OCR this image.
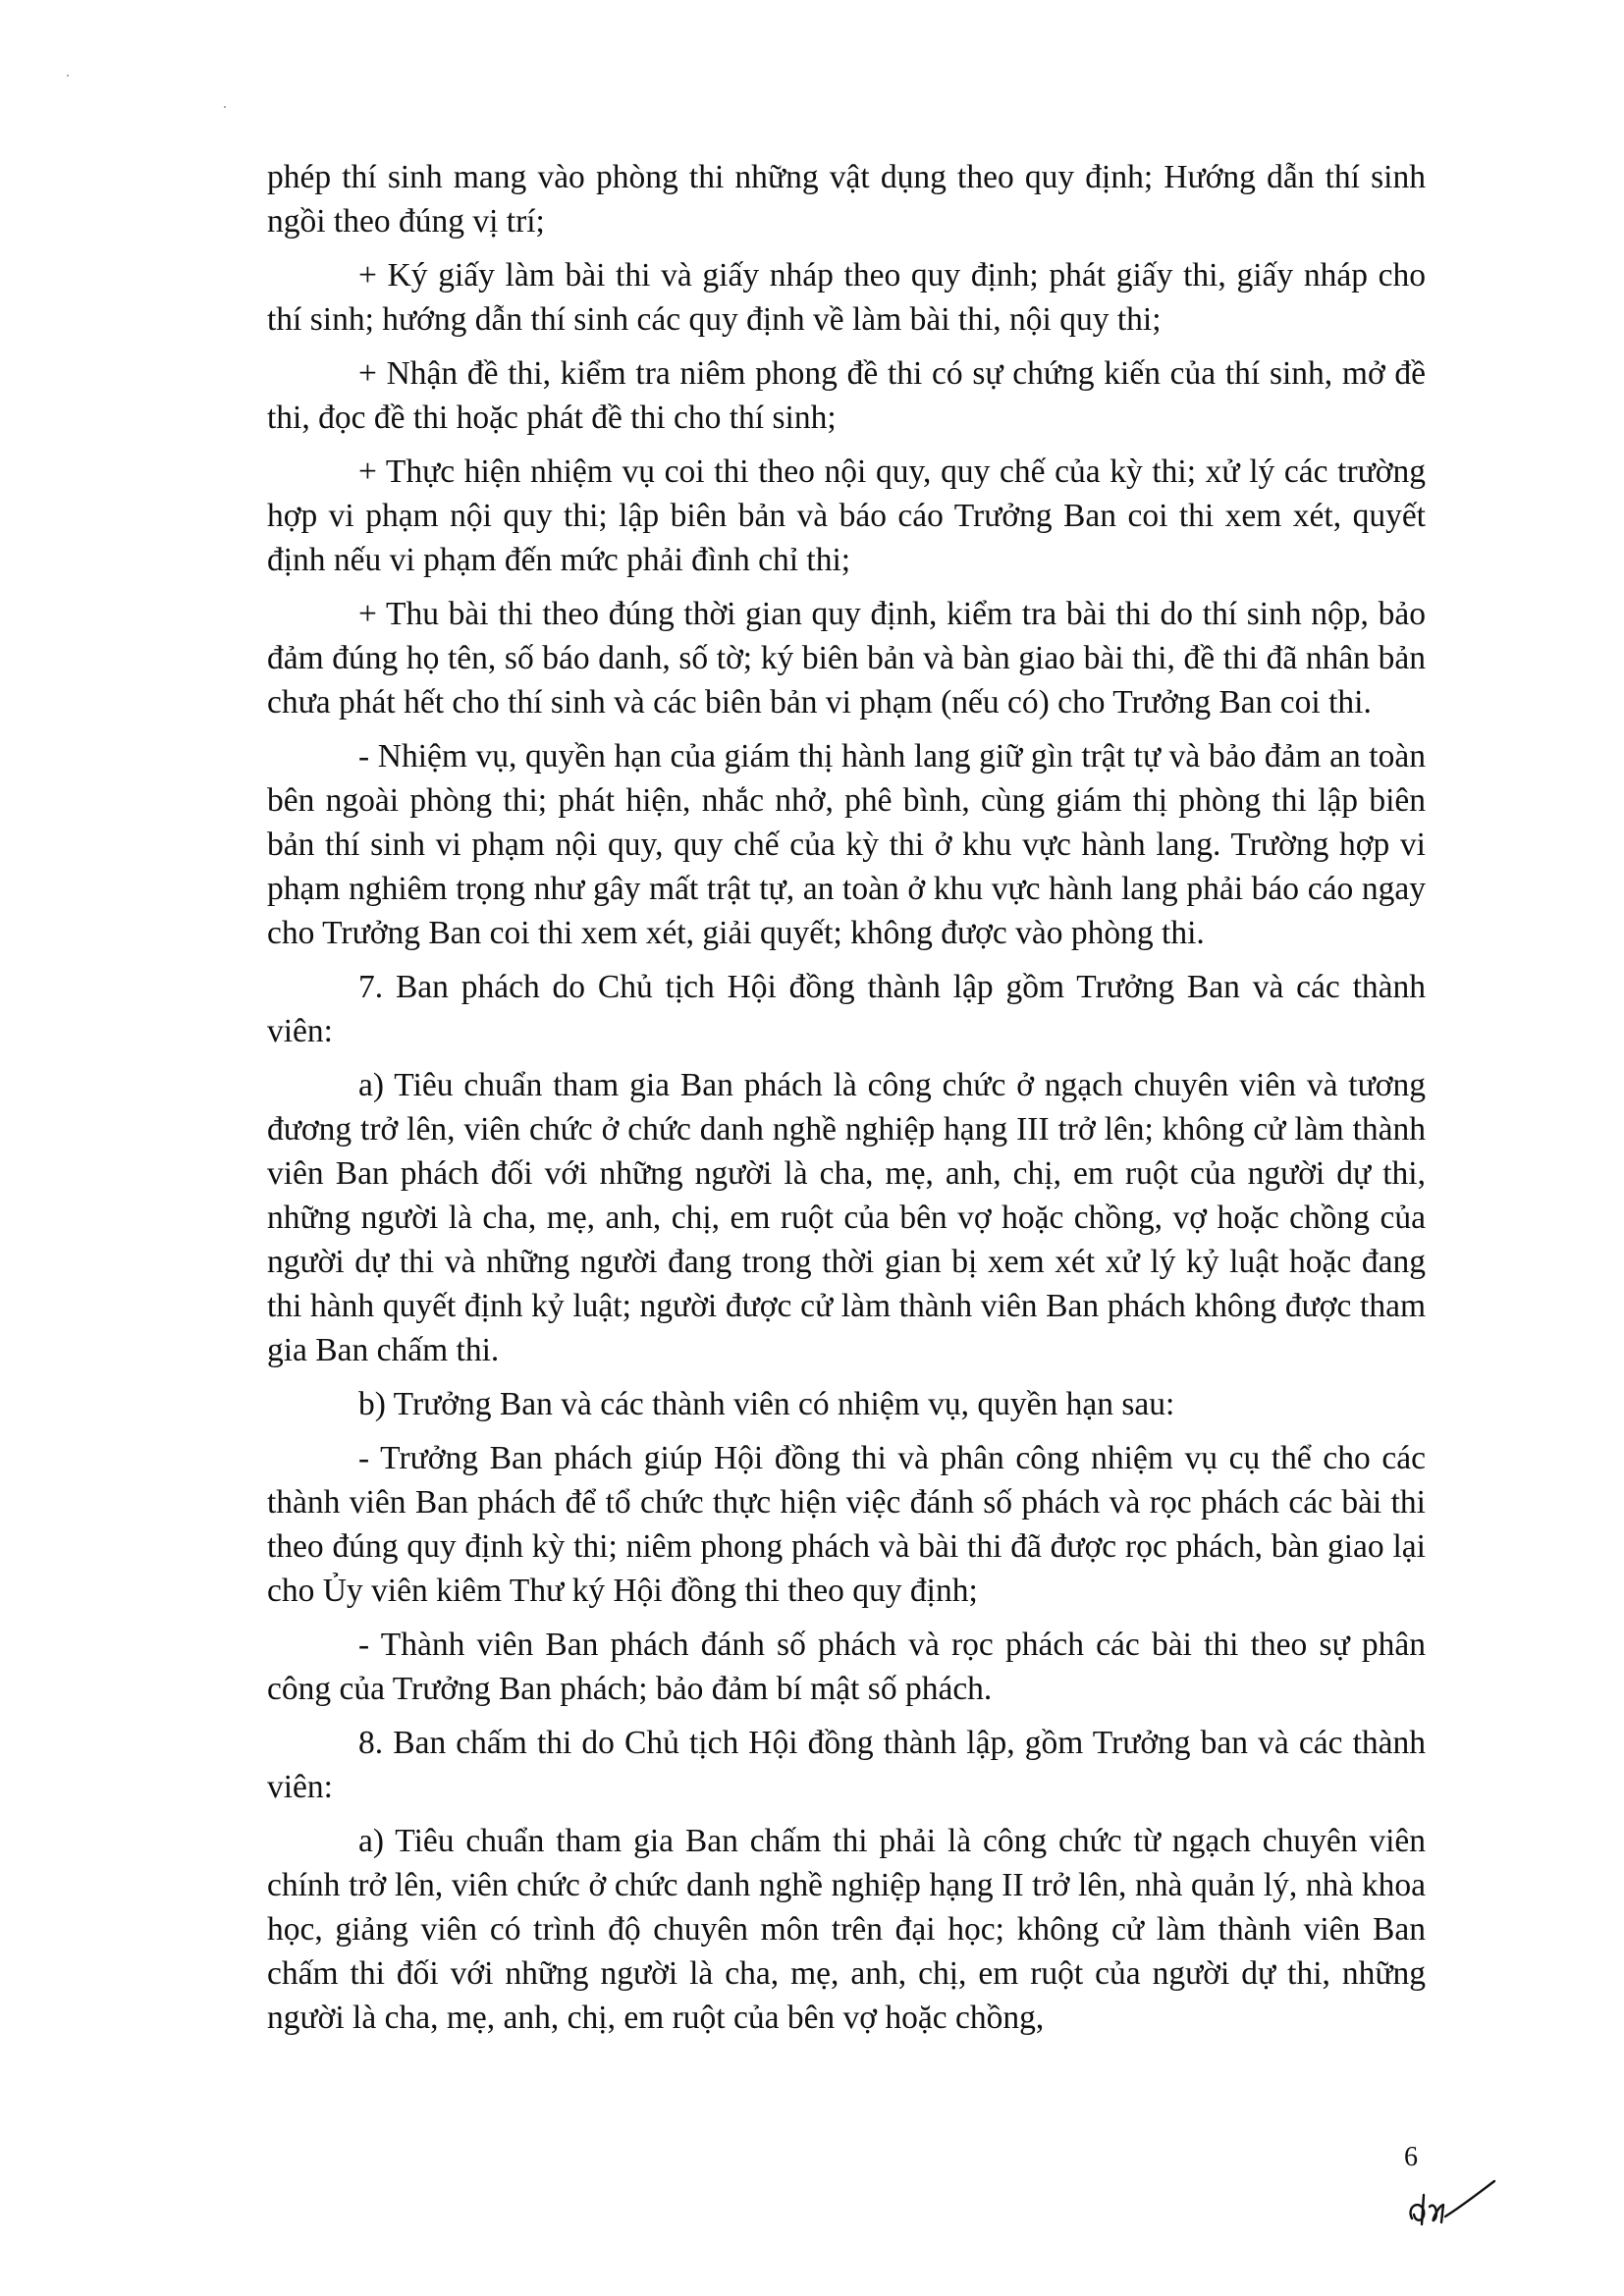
phép thí sinh mang vào phòng thi những vật dụng theo quy định; Hướng dẫn thí sinh ngồi theo đúng vị trí;

+ Ký giấy làm bài thi và giấy nháp theo quy định; phát giấy thi, giấy nháp cho thí sinh; hướng dẫn thí sinh các quy định về làm bài thi, nội quy thi;

+ Nhận đề thi, kiểm tra niêm phong đề thi có sự chứng kiến của thí sinh, mở đề thi, đọc đề thi hoặc phát đề thi cho thí sinh;

+ Thực hiện nhiệm vụ coi thi theo nội quy, quy chế của kỳ thi; xử lý các trường hợp vi phạm nội quy thi; lập biên bản và báo cáo Trưởng Ban coi thi xem xét, quyết định nếu vi phạm đến mức phải đình chỉ thi;

+ Thu bài thi theo đúng thời gian quy định, kiểm tra bài thi do thí sinh nộp, bảo đảm đúng họ tên, số báo danh, số tờ; ký biên bản và bàn giao bài thi, đề thi đã nhân bản chưa phát hết cho thí sinh và các biên bản vi phạm (nếu có) cho Trưởng Ban coi thi.

- Nhiệm vụ, quyền hạn của giám thị hành lang giữ gìn trật tự và bảo đảm an toàn bên ngoài phòng thi; phát hiện, nhắc nhở, phê bình, cùng giám thị phòng thi lập biên bản thí sinh vi phạm nội quy, quy chế của kỳ thi ở khu vực hành lang. Trường hợp vi phạm nghiêm trọng như gây mất trật tự, an toàn ở khu vực hành lang phải báo cáo ngay cho Trưởng Ban coi thi xem xét, giải quyết; không được vào phòng thi.

7. Ban phách do Chủ tịch Hội đồng thành lập gồm Trưởng Ban và các thành viên:

a) Tiêu chuẩn tham gia Ban phách là công chức ở ngạch chuyên viên và tương đương trở lên, viên chức ở chức danh nghề nghiệp hạng III trở lên; không cử làm thành viên Ban phách đối với những người là cha, mẹ, anh, chị, em ruột của người dự thi, những người là cha, mẹ, anh, chị, em ruột của bên vợ hoặc chồng, vợ hoặc chồng của người dự thi và những người đang trong thời gian bị xem xét xử lý kỷ luật hoặc đang thi hành quyết định kỷ luật; người được cử làm thành viên Ban phách không được tham gia Ban chấm thi.

b) Trưởng Ban và các thành viên có nhiệm vụ, quyền hạn sau:

- Trưởng Ban phách giúp Hội đồng thi và phân công nhiệm vụ cụ thể cho các thành viên Ban phách để tổ chức thực hiện việc đánh số phách và rọc phách các bài thi theo đúng quy định kỳ thi; niêm phong phách và bài thi đã được rọc phách, bàn giao lại cho Ủy viên kiêm Thư ký Hội đồng thi theo quy định;

- Thành viên Ban phách đánh số phách và rọc phách các bài thi theo sự phân công của Trưởng Ban phách; bảo đảm bí mật số phách.

8. Ban chấm thi do Chủ tịch Hội đồng thành lập, gồm Trưởng ban và các thành viên:

a) Tiêu chuẩn tham gia Ban chấm thi phải là công chức từ ngạch chuyên viên chính trở lên, viên chức ở chức danh nghề nghiệp hạng II trở lên, nhà quản lý, nhà khoa học, giảng viên có trình độ chuyên môn trên đại học; không cử làm thành viên Ban chấm thi đối với những người là cha, mẹ, anh, chị, em ruột của người dự thi, những người là cha, mẹ, anh, chị, em ruột của bên vợ hoặc chồng,

6
